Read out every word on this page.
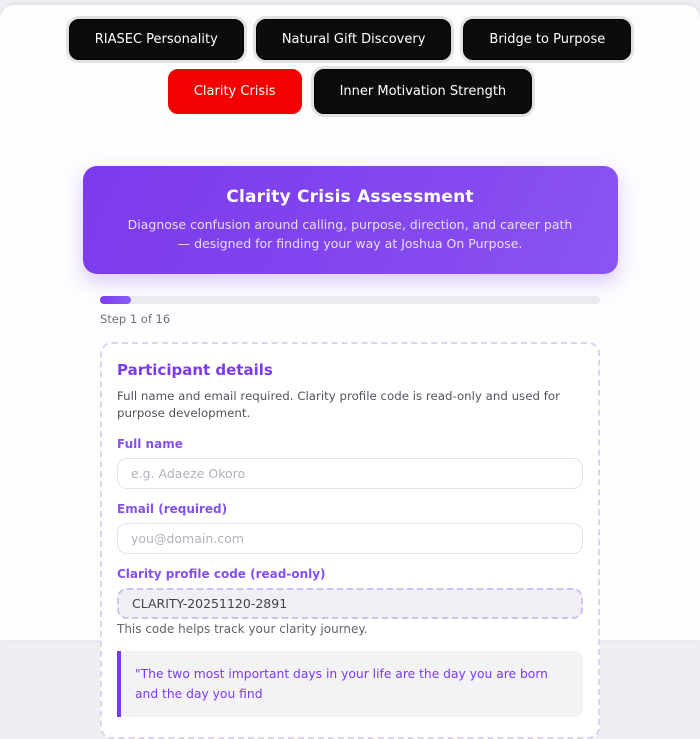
RIASEC Personality	Natural Gift Discovery	Bridge to Purpose
Clarity Crisis	Inner Motivation Strength
Clarity Crisis Assessment

Diagnose confusion around calling, purpose, direction, and career path — designed for finding your way at Joshua On Purpose.

Step 1 of 16
Participant details

Full name and email required. Clarity profile code is read-only and used for purpose development.

Full name
e.g. Adaeze Okoro
Email (required)
you@domain.com
Clarity profile code (read-only)
CLARITY-20251120-2891

This code helps track your clarity journey.

"The two most important days in your life are the day you are born and the day you find
